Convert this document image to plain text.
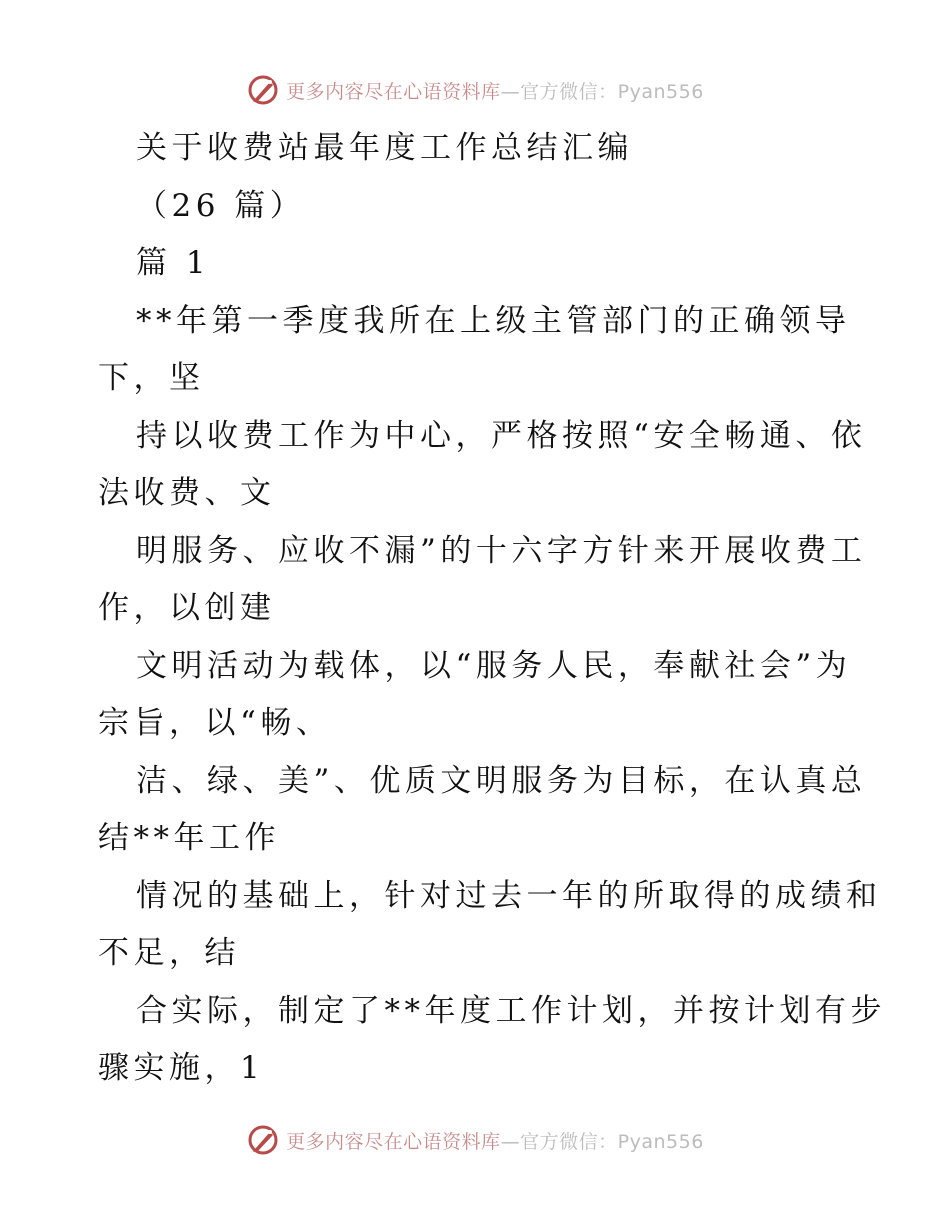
更多内容尽在心语资料库—官方微信：Pyan556
关于收费站最年度工作总结汇编
（26 篇）
篇 1
**年第一季度我所在上级主管部门的正确领导
下，坚
持以收费工作为中心，严格按照“安全畅通、依
法收费、文
明服务、应收不漏”的十六字方针来开展收费工
作，以创建
文明活动为载体，以“服务人民，奉献社会”为
宗旨，以“畅、
洁、绿、美”、优质文明服务为目标，在认真总
结**年工作
情况的基础上，针对过去一年的所取得的成绩和
不足，结
合实际，制定了**年度工作计划，并按计划有步
骤实施，1
更多内容尽在心语资料库—官方微信：Pyan556
